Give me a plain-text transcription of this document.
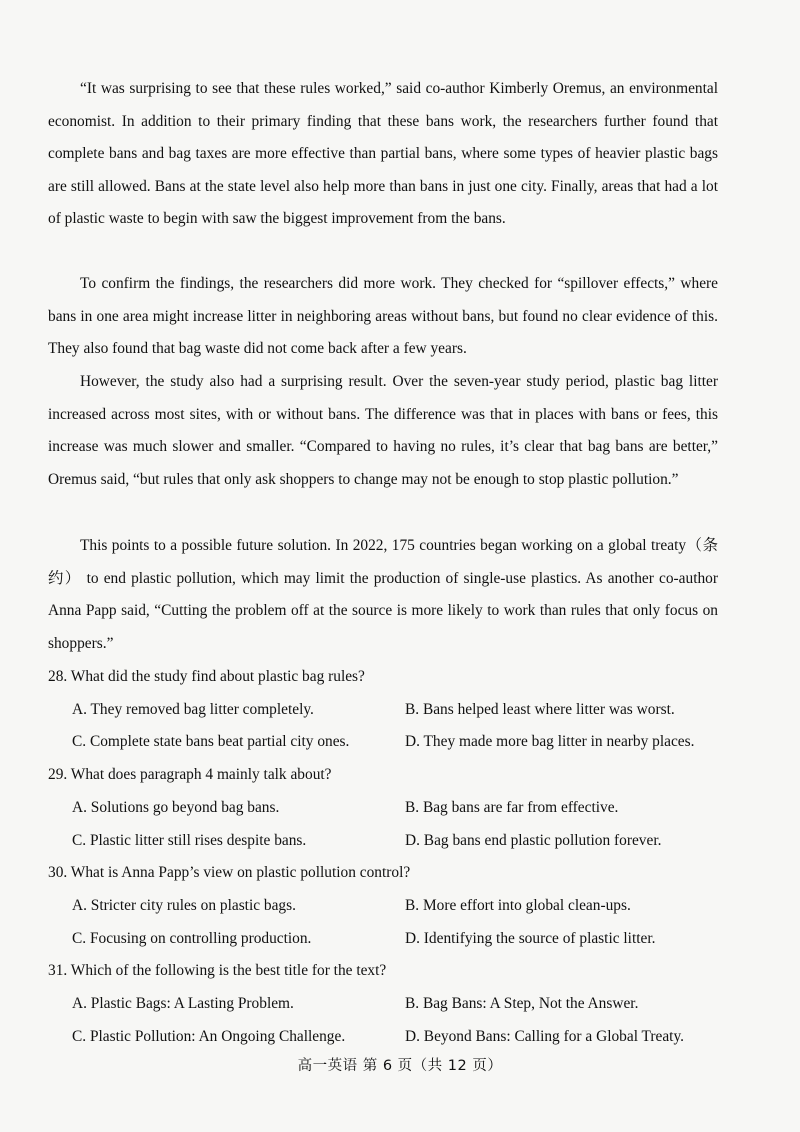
“It was surprising to see that these rules worked,” said co-author Kimberly Oremus, an environmental economist. In addition to their primary finding that these bans work, the researchers further found that complete bans and bag taxes are more effective than partial bans, where some types of heavier plastic bags are still allowed. Bans at the state level also help more than bans in just one city. Finally, areas that had a lot of plastic waste to begin with saw the biggest improvement from the bans.

To confirm the findings, the researchers did more work. They checked for “spillover effects,” where bans in one area might increase litter in neighboring areas without bans, but found no clear evidence of this. They also found that bag waste did not come back after a few years.

However, the study also had a surprising result. Over the seven-year study period, plastic bag litter increased across most sites, with or without bans. The difference was that in places with bans or fees, this increase was much slower and smaller. “Compared to having no rules, it’s clear that bag bans are better,” Oremus said, “but rules that only ask shoppers to change may not be enough to stop plastic pollution.”

This points to a possible future solution. In 2022, 175 countries began working on a global treaty（条约） to end plastic pollution, which may limit the production of single-use plastics. As another co-author Anna Papp said, “Cutting the problem off at the source is more likely to work than rules that only focus on shoppers.”

28. What did the study find about plastic bag rules?
A. They removed bag litter completely.	B. Bans helped least where litter was worst.
C. Complete state bans beat partial city ones.	D. They made more bag litter in nearby places.
29. What does paragraph 4 mainly talk about?
A. Solutions go beyond bag bans.	B. Bag bans are far from effective.
C. Plastic litter still rises despite bans.	D. Bag bans end plastic pollution forever.
30. What is Anna Papp’s view on plastic pollution control?
A. Stricter city rules on plastic bags.	B. More effort into global clean-ups.
C. Focusing on controlling production.	D. Identifying the source of plastic litter.
31. Which of the following is the best title for the text?
A. Plastic Bags: A Lasting Problem.	B. Bag Bans: A Step, Not the Answer.
C. Plastic Pollution: An Ongoing Challenge.	D. Beyond Bans: Calling for a Global Treaty.
高一英语 第 6 页（共 12 页）
